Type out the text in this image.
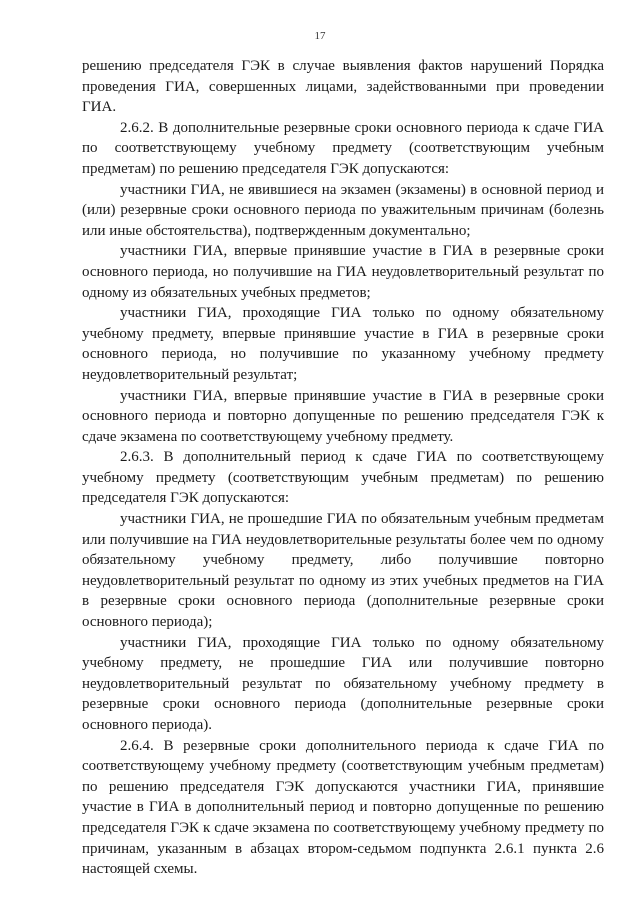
17

решению председателя ГЭК в случае выявления фактов нарушений Порядка проведения ГИА, совершенных лицами, задействованными при проведении ГИА.

2.6.2. В дополнительные резервные сроки основного периода к сдаче ГИА по соответствующему учебному предмету (соответствующим учебным предметам) по решению председателя ГЭК допускаются:

участники ГИА, не явившиеся на экзамен (экзамены) в основной период и (или) резервные сроки основного периода по уважительным причинам (болезнь или иные обстоятельства), подтвержденным документально;

участники ГИА, впервые принявшие участие в ГИА в резервные сроки основного периода, но получившие на ГИА неудовлетворительный результат по одному из обязательных учебных предметов;

участники ГИА, проходящие ГИА только по одному обязательному учебному предмету, впервые принявшие участие в ГИА в резервные сроки основного периода, но получившие по указанному учебному предмету неудовлетворительный результат;

участники ГИА, впервые принявшие участие в ГИА в резервные сроки основного периода и повторно допущенные по решению председателя ГЭК к сдаче экзамена по соответствующему учебному предмету.

2.6.3. В дополнительный период к сдаче ГИА по соответствующему учебному предмету (соответствующим учебным предметам) по решению председателя ГЭК допускаются:

участники ГИА, не прошедшие ГИА по обязательным учебным предметам или получившие на ГИА неудовлетворительные результаты более чем по одному обязательному учебному предмету, либо получившие повторно неудовлетворительный результат по одному из этих учебных предметов на ГИА в резервные сроки основного периода (дополнительные резервные сроки основного периода);

участники ГИА, проходящие ГИА только по одному обязательному учебному предмету, не прошедшие ГИА или получившие повторно неудовлетворительный результат по обязательному учебному предмету в резервные сроки основного периода (дополнительные резервные сроки основного периода).

2.6.4. В резервные сроки дополнительного периода к сдаче ГИА по соответствующему учебному предмету (соответствующим учебным предметам) по решению председателя ГЭК допускаются участники ГИА, принявшие участие в ГИА в дополнительный период и повторно допущенные по решению председателя ГЭК к сдаче экзамена по соответствующему учебному предмету по причинам, указанным в абзацах втором-седьмом подпункта 2.6.1 пункта 2.6 настоящей схемы.
